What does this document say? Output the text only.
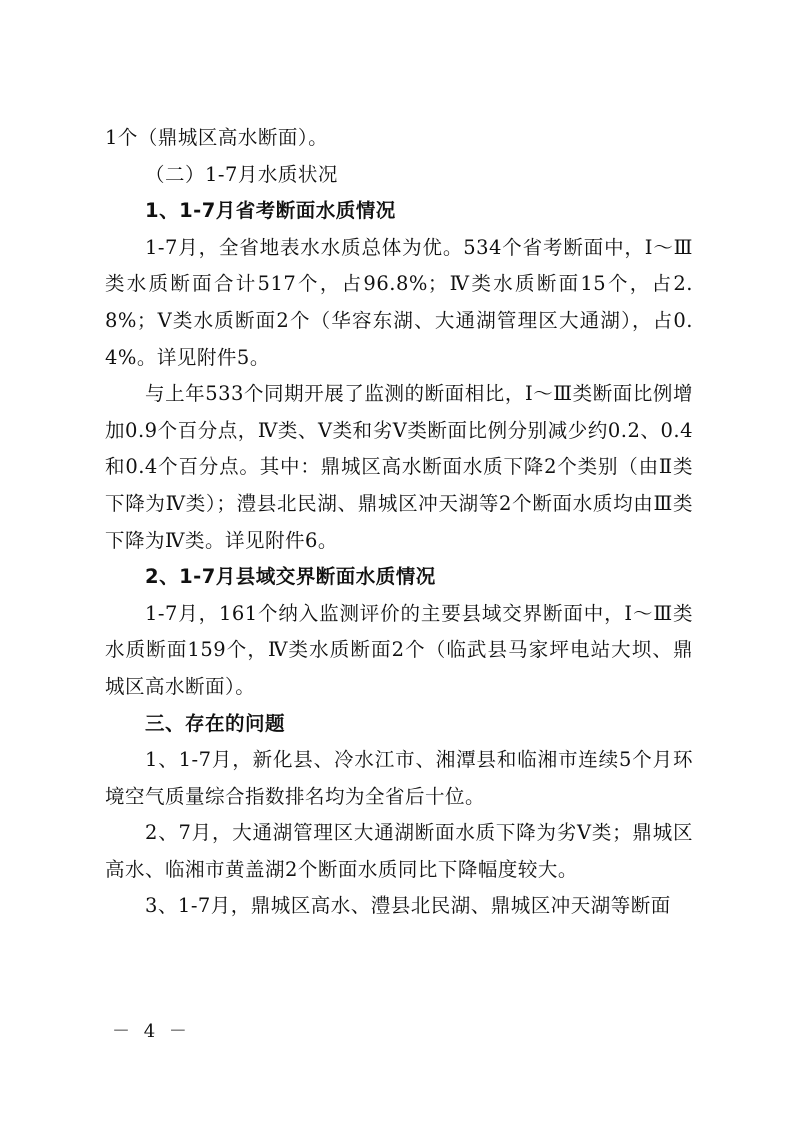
1个（鼎城区高水断面）。

（二）1-7月水质状况

1、1-7月省考断面水质情况

1-7月，全省地表水水质总体为优。534个省考断面中，Ⅰ～Ⅲ类水质断面合计517个，占96.8%；Ⅳ类水质断面15个，占2.8%；Ⅴ类水质断面2个（华容东湖、大通湖管理区大通湖），占0.4%。详见附件5。

与上年533个同期开展了监测的断面相比，Ⅰ～Ⅲ类断面比例增加0.9个百分点，Ⅳ类、Ⅴ类和劣Ⅴ类断面比例分别减少约0.2、0.4和0.4个百分点。其中：鼎城区高水断面水质下降2个类别（由Ⅱ类下降为Ⅳ类）；澧县北民湖、鼎城区冲天湖等2个断面水质均由Ⅲ类下降为Ⅳ类。详见附件6。

2、1-7月县域交界断面水质情况

1-7月，161个纳入监测评价的主要县域交界断面中，Ⅰ～Ⅲ类水质断面159个，Ⅳ类水质断面2个（临武县马家坪电站大坝、鼎城区高水断面）。

三、存在的问题

1、1-7月，新化县、冷水江市、湘潭县和临湘市连续5个月环境空气质量综合指数排名均为全省后十位。

2、7月，大通湖管理区大通湖断面水质下降为劣Ⅴ类；鼎城区高水、临湘市黄盖湖2个断面水质同比下降幅度较大。

3、1-7月，鼎城区高水、澧县北民湖、鼎城区冲天湖等断面

－ 4 －
